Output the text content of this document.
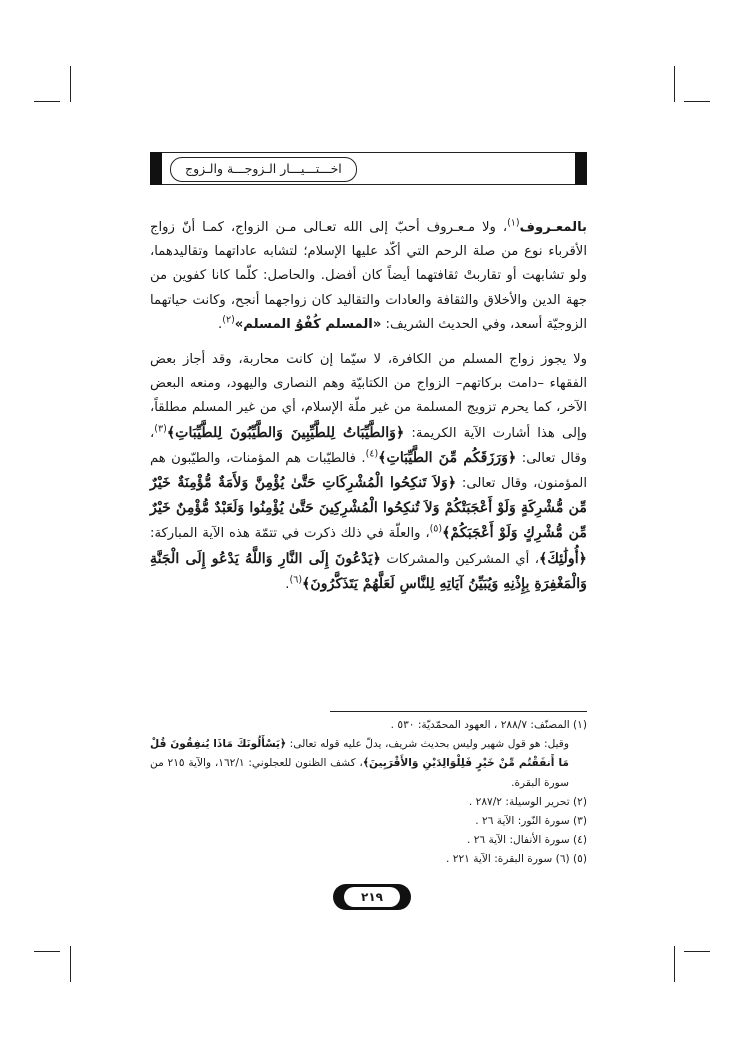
اخـــتـــيـــار الـزوجـــة والـزوج

بالمعـروف$^{(١)}$، ولا مـعـروف أحبّ إلى الله تعـالى مـن الزواج، كمـا أنّ زواج الأقرباء نوع من صلة الرحم التي أكّد عليها الإسلام؛ لتشابه عاداتهما وتقاليدهما، ولو تشابهت أو تقاربتْ ثقافتهما أيضاً كان أفضل. والحاصل: كلّما كانا كفوين من جهة الدين والأخلاق والثقافة والعادات والتقاليد كان زواجهما أنجح، وكانت حياتهما الزوجيّة أسعد، وفي الحديث الشريف: «المسلم كُفْوُ المسلم»$^{(٢)}$.

ولا يجوز زواج المسلم من الكافرة، لا سيّما إن كانت محاربة، وقد أجاز بعض الفقهاء –دامت بركاتهم– الزواج من الكتابيّة وهم النصارى واليهود، ومنعه البعض الآخر، كما يحرم تزويج المسلمة من غير ملّة الإسلام، أي من غير المسلم مطلقاً، وإلى هذا أشارت الآية الكريمة: ﴿وَالطَّيِّبَاتُ لِلطَّيِّبِينَ وَالطَّيِّبُونَ لِلطَّيِّبَاتِ﴾$^{(٣)}$، وقال تعالى: ﴿وَرَزَقَكُم مِّنَ الطَّيِّبَاتِ﴾$^{(٤)}$. فالطيّبات هم المؤمنات، والطيّبون هم المؤمنون، وقال تعالى: ﴿وَلاَ تَنكِحُوا الْمُشْرِكَاتِ حَتَّىٰ يُؤْمِنَّ وَلأَمَةٌ مُّؤْمِنَةٌ خَيْرٌ مِّن مُّشْرِكَةٍ وَلَوْ أَعْجَبَتْكُمْ وَلاَ تُنكِحُوا الْمُشْرِكِينَ حَتَّىٰ يُؤْمِنُوا وَلَعَبْدٌ مُّؤْمِنٌ خَيْرٌ مِّن مُّشْرِكٍ وَلَوْ أَعْجَبَكُمْ﴾$^{(٥)}$، والعلّة في ذلك ذكرت في تتمّة هذه الآية المباركة: ﴿أُولَٰئِكَ﴾، أي المشركين والمشركات ﴿يَدْعُونَ إِلَى النَّارِ وَاللَّهُ يَدْعُو إِلَى الْجَنَّةِ وَالْمَغْفِرَةِ بِإِذْنِهِ وَيُبَيِّنُ آيَاتِهِ لِلنَّاسِ لَعَلَّهُمْ يَتَذَكَّرُونَ﴾$^{(٦)}$.

(١) المصنّف: ٢٨٨/٧ ، العهود المحمّديّة: ٥٣٠ .

وقيل: هو قول شهير وليس بحديث شريف، يدلّ عليه قوله تعالى: ﴿يَسْأَلُونَكَ مَاذَا يُنفِقُونَ قُلْ مَا أَنفَقْتُم مِّنْ خَيْرٍ فَلِلْوَالِدَيْنِ وَالأَقْرَبِينَ﴾، كشف الظنون للعجلوني: ١٦٢/١، والآية ٢١٥ من سورة البقرة.

(٢) تحرير الوسيلة: ٢٨٧/٢ .

(٣) سورة النّور: الآية ٢٦ .

(٤) سورة الأنفال: الآية ٢٦ .

(٥) (٦) سورة البقرة: الآية ٢٢١ .

٢١٩
